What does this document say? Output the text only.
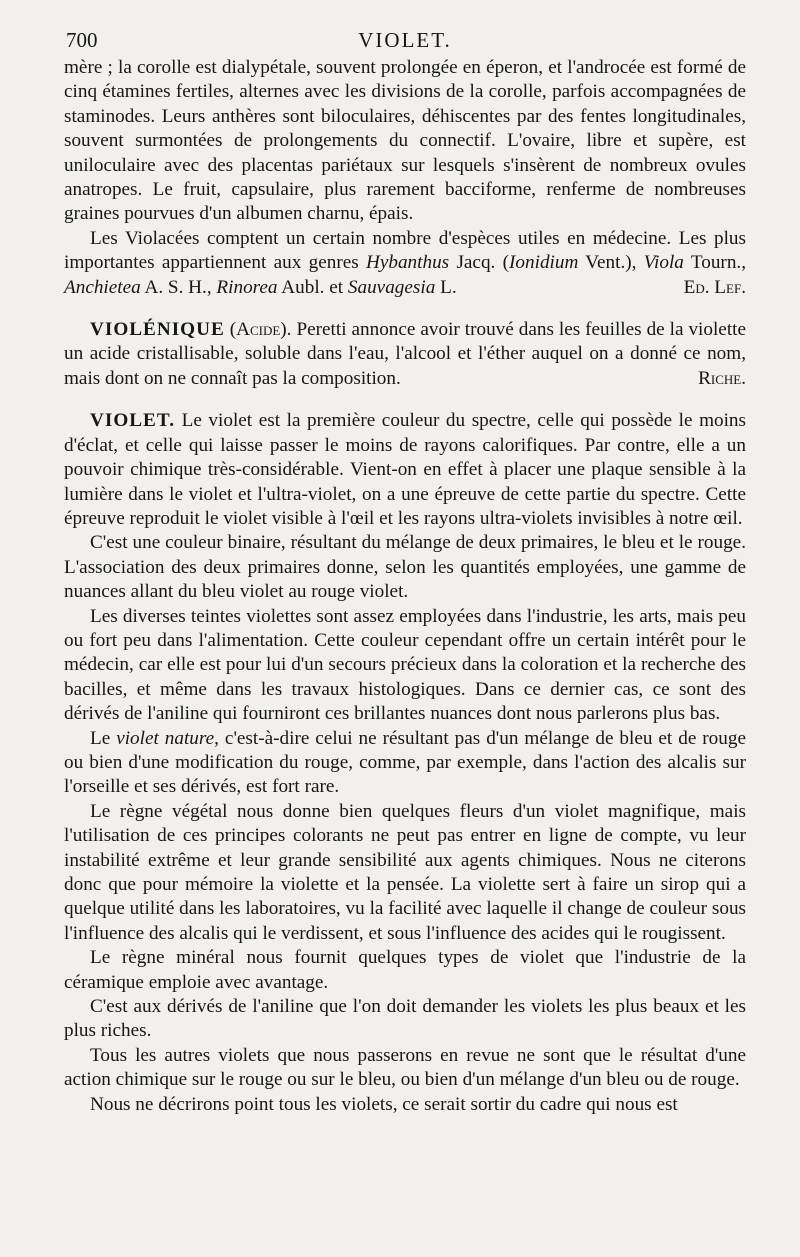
700	VIOLET.

mère ; la corolle est dialypétale, souvent prolongée en éperon, et l'androcée est formé de cinq étamines fertiles, alternes avec les divisions de la corolle, parfois accompagnées de staminodes. Leurs anthères sont biloculaires, déhiscentes par des fentes longitudinales, souvent surmontées de prolongements du connectif. L'ovaire, libre et supère, est uniloculaire avec des placentas pariétaux sur lesquels s'insèrent de nombreux ovules anatropes. Le fruit, capsulaire, plus rarement bacciforme, renferme de nombreuses graines pourvues d'un albumen charnu, épais.

Les Violacées comptent un certain nombre d'espèces utiles en médecine. Les plus importantes appartiennent aux genres Hybanthus Jacq. (Ionidium Vent.), Viola Tourn., Anchietea A. S. H., Rinorea Aubl. et Sauvagesia L.	Ed. Lef.

VIOLÉNIQUE (Acide). Peretti annonce avoir trouvé dans les feuilles de la violette un acide cristallisable, soluble dans l'eau, l'alcool et l'éther auquel on a donné ce nom, mais dont on ne connaît pas la composition.	Riche.

VIOLET. Le violet est la première couleur du spectre, celle qui possède le moins d'éclat, et celle qui laisse passer le moins de rayons calorifiques. Par contre, elle a un pouvoir chimique très-considérable. Vient-on en effet à placer une plaque sensible à la lumière dans le violet et l'ultra-violet, on a une épreuve de cette partie du spectre. Cette épreuve reproduit le violet visible à l'œil et les rayons ultra-violets invisibles à notre œil.

C'est une couleur binaire, résultant du mélange de deux primaires, le bleu et le rouge. L'association des deux primaires donne, selon les quantités employées, une gamme de nuances allant du bleu violet au rouge violet.

Les diverses teintes violettes sont assez employées dans l'industrie, les arts, mais peu ou fort peu dans l'alimentation. Cette couleur cependant offre un certain intérêt pour le médecin, car elle est pour lui d'un secours précieux dans la coloration et la recherche des bacilles, et même dans les travaux histologiques. Dans ce dernier cas, ce sont des dérivés de l'aniline qui fourniront ces brillantes nuances dont nous parlerons plus bas.

Le violet nature, c'est-à-dire celui ne résultant pas d'un mélange de bleu et de rouge ou bien d'une modification du rouge, comme, par exemple, dans l'action des alcalis sur l'orseille et ses dérivés, est fort rare.

Le règne végétal nous donne bien quelques fleurs d'un violet magnifique, mais l'utilisation de ces principes colorants ne peut pas entrer en ligne de compte, vu leur instabilité extrême et leur grande sensibilité aux agents chimiques. Nous ne citerons donc que pour mémoire la violette et la pensée. La violette sert à faire un sirop qui a quelque utilité dans les laboratoires, vu la facilité avec laquelle il change de couleur sous l'influence des alcalis qui le verdissent, et sous l'influence des acides qui le rougissent.

Le règne minéral nous fournit quelques types de violet que l'industrie de la céramique emploie avec avantage.

C'est aux dérivés de l'aniline que l'on doit demander les violets les plus beaux et les plus riches.

Tous les autres violets que nous passerons en revue ne sont que le résultat d'une action chimique sur le rouge ou sur le bleu, ou bien d'un mélange d'un bleu ou de rouge.

Nous ne décrirons point tous les violets, ce serait sortir du cadre qui nous est
